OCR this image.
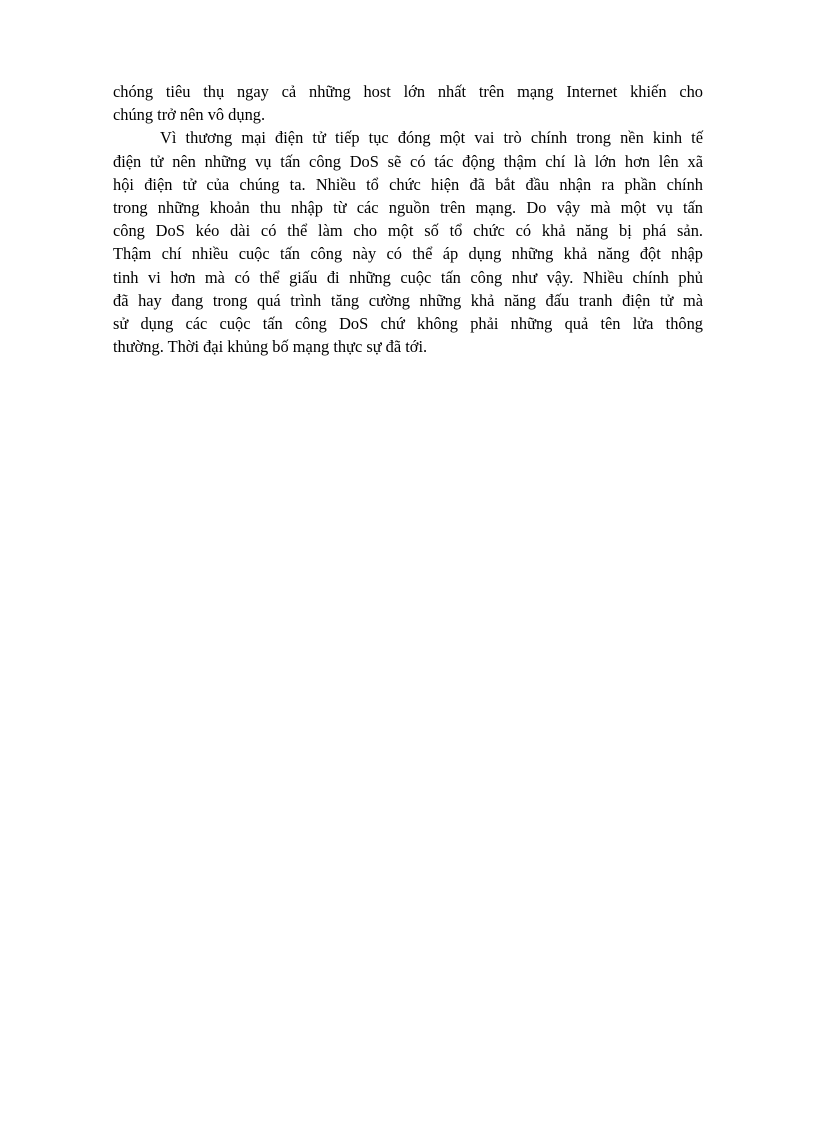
chóng tiêu thụ ngay cả những host lớn nhất trên mạng Internet khiến cho
chúng trở nên vô dụng.
Vì thương mại điện tử tiếp tục đóng một vai trò chính trong nền kinh tế
điện tử nên những vụ tấn công DoS sẽ có tác động thậm chí là lớn hơn lên xã
hội điện tử của chúng ta. Nhiều tổ chức hiện đã bắt đầu nhận ra phần chính
trong những khoản thu nhập từ các nguồn trên mạng. Do vậy mà một vụ tấn
công DoS kéo dài có thể làm cho một số tổ chức có khả năng bị phá sản.
Thậm chí nhiều cuộc tấn công này có thể áp dụng những khả năng đột nhập
tinh vi hơn mà có thể giấu đi những cuộc tấn công như vậy. Nhiều chính phủ
đã hay đang trong quá trình tăng cường những khả năng đấu tranh điện tử mà
sử dụng các cuộc tấn công DoS chứ không phải những quả tên lửa thông
thường. Thời đại khủng bố mạng thực sự đã tới.
